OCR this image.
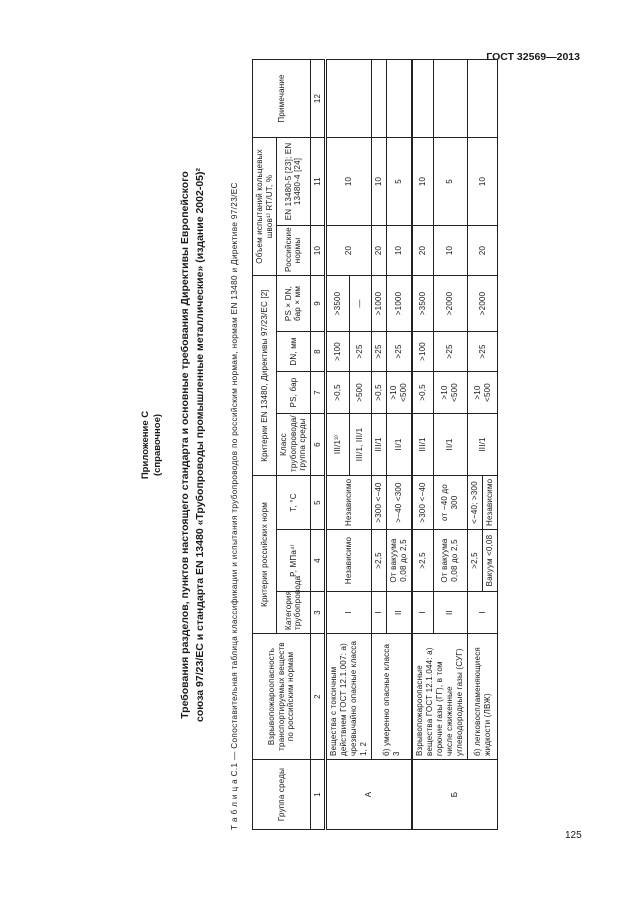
ГОСТ 32569—2013
125
Приложение С (справочное) Требования разделов, пунктов настоящего стандарта и основные требования Директивы Европейского союза 97/23/ЕС и стандарта EN 13480 «Трубопроводы промышленные металлические» (издание 2002-05)²	Т а б л и ц а С.1 — Сопоставительная таблица классификации и испытания трубопроводов по российским нормам, нормам EN 13480 и Директиве 97/23/ЕС	Группа среды	Взрывопожароопасность транспортируемых веществ по российским нормам	Критерии российских норм			Критерии EN 13480, Директивы 97/23/ЕС [2]				Объем испытаний кольцевых швов¹⁾ RT/UT, %		Примечание
		Категория трубопровода	P, МПа⁴⁾	T, °C	Класс трубопровода/ группа среды	PS, бар	DN, мм	PS × DN, бар × мм	Российские нормы	EN 13480-5 [23]; EN 13480-4 [24]	

1	2	3	4	5	6	7	8	9	10	11	12
А	Вещества с токсичным действием ГОСТ 12.1.007: а) чрезвычайно опасные класса 1, 2	I	Независимо	Независимо	III/1³⁾	>0,5	>100	>3500	20	10	
					III/1, III/1	>500	>25	—			
	б) умеренно опасные класса 3	I	>2,5	>300 <−40	III/1	>0,5	>25	>1000	20	10	
		II	От вакуума 0,08 до 2,5	>−40 <300	II/1	>10 <500	>25	>1000	10	5	
Б	Взрывопожароопасные вещества ГОСТ 12.1.044: а) горючие газы (ГГ), в том числе сжиженные углеводородные газы (СУГ)	I	>2,5	>300 <−40	III/1	>0,5	>100	>3500	20	10	
		II	От вакуума 0,08 до 2,5	от −40 до 300	II/1	>10 <500	>25	>2000	10	5	
	б) легковоспламеняющиеся жидкости (ЛВЖ)	I	>2,5	<−40; >300	III/1	>10 <500	>25	>2000	20	10	
			Вакуум <0,08	Независимо							
